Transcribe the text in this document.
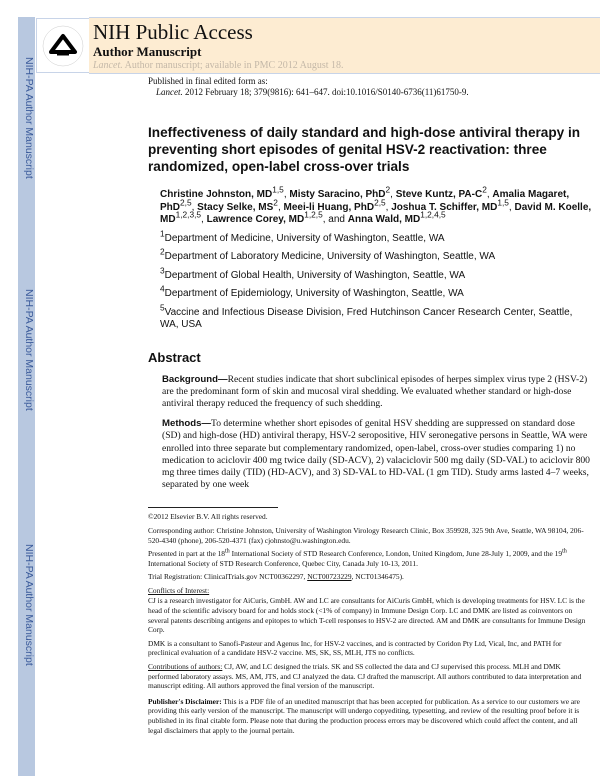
NIH-PA Author Manuscript
NIH-PA Author Manuscript
NIH-PA Author Manuscript
NIH Public Access
Author Manuscript
Lancet. Author manuscript; available in PMC 2012 August 18.
Published in final edited form as:
Lancet. 2012 February 18; 379(9816): 641–647. doi:10.1016/S0140-6736(11)61750-9.
Ineffectiveness of daily standard and high-dose antiviral therapy in preventing short episodes of genital HSV-2 reactivation: three randomized, open-label cross-over trials
Christine Johnston, MD$^{1,5}$, Misty Saracino, PhD$^2$, Steve Kuntz, $PA-C^2$, Amalia Magaret, PhD$^{2,5}$, Stacy Selke, $MS^2$, Meei-li Huang, PhD$^{2,5}$, Joshua T. Schiffer, MD$^{1,5}$, David M. Koelle, MD$^{1,2,3,5}$, Lawrence Corey, MD$^{1,2,5}$, and Anna Wald, MD$^{1,2,4,5}$
$^1$Department of Medicine, University of Washington, Seattle, WA
$^2$Department of Laboratory Medicine, University of Washington, Seattle, WA
$^3$Department of Global Health, University of Washington, Seattle, WA
$^4$Department of Epidemiology, University of Washington, Seattle, WA
$^5$Vaccine and Infectious Disease Division, Fred Hutchinson Cancer Research Center, Seattle, WA, USA
Abstract
Background—Recent studies indicate that short subclinical episodes of herpes simplex virus type 2 (HSV-2) are the predominant form of skin and mucosal viral shedding. We evaluated whether standard or high-dose antiviral therapy reduced the frequency of such shedding.
Methods—To determine whether short episodes of genital HSV shedding are suppressed on standard dose (SD) and high-dose (HD) antiviral therapy, HSV-2 seropositive, HIV seronegative persons in Seattle, WA were enrolled into three separate but complementary randomized, open-label, cross-over studies comparing 1) no medication to aciclovir 400 mg twice daily (SD-ACV), 2) valaciclovir 500 mg daily (SD-VAL) to aciclovir 800 mg three times daily (TID) (HD-ACV), and 3) SD-VAL to HD-VAL (1 gm TID). Study arms lasted 4–7 weeks, separated by one week
©2012 Elsevier B.V. All rights reserved.
Corresponding author: Christine Johnston, University of Washington Virology Research Clinic, Box 359928, 325 9th Ave, Seattle, WA 98104, 206-520-4340 (phone), 206-520-4371 (fax) cjohnsto@u.washington.edu.
Presented in part at the 18th International Society of STD Research Conference, London, United Kingdom, June 28-July 1, 2009, and the 19th International Society of STD Research Conference, Quebec City, Canada July 10-13, 2011.
Trial Registration: ClinicalTrials.gov NCT00362297, NCT00723229, NCT01346475).
Conflicts of Interest:
CJ is a research investigator for AiCuris, GmbH. AW and LC are consultants for AiCuris GmbH, which is developing treatments for HSV. LC is the head of the scientific advisory board for and holds stock (<1% of company) in Immune Design Corp. LC and DMK are listed as coinventors on several patents describing antigens and epitopes to which T-cell responses to HSV-2 are directed. AM and DMK are consultants for Immune Design Corp.
DMK is a consultant to Sanofi-Pasteur and Agenus Inc, for HSV-2 vaccines, and is contracted by Coridon Pty Ltd, Vical, Inc, and PATH for preclinical evaluation of a candidate HSV-2 vaccine. MS, SK, SS, MLH, JTS no conflicts.
Contributions of authors: CJ, AW, and LC designed the trials. SK and SS collected the data and CJ supervised this process. MLH and DMK performed laboratory assays. MS, AM, JTS, and CJ analyzed the data. CJ drafted the manuscript. All authors contributed to data interpretation and manuscript editing. All authors approved the final version of the manuscript.
Publisher's Disclaimer: This is a PDF file of an unedited manuscript that has been accepted for publication. As a service to our customers we are providing this early version of the manuscript. The manuscript will undergo copyediting, typesetting, and review of the resulting proof before it is published in its final citable form. Please note that during the production process errors may be discovered which could affect the content, and all legal disclaimers that apply to the journal pertain.
